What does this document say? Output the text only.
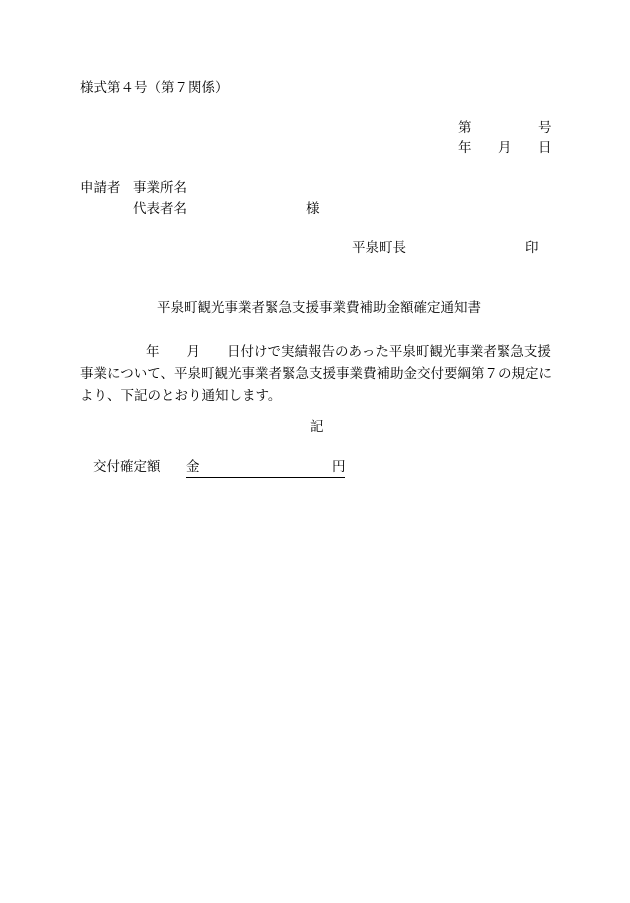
様式第４号（第７関係）
第	号
年 月 日
申請者 事業所名
代表者名	様
平泉町長	印
平泉町観光事業者緊急支援事業費補助金額確定通知書
年 月 日付けで実績報告のあった平泉町観光事業者緊急支援
事業について、平泉町観光事業者緊急支援事業費補助金交付要綱第７の規定に
より、下記のとおり通知します。
記
交付確定額 金	円
